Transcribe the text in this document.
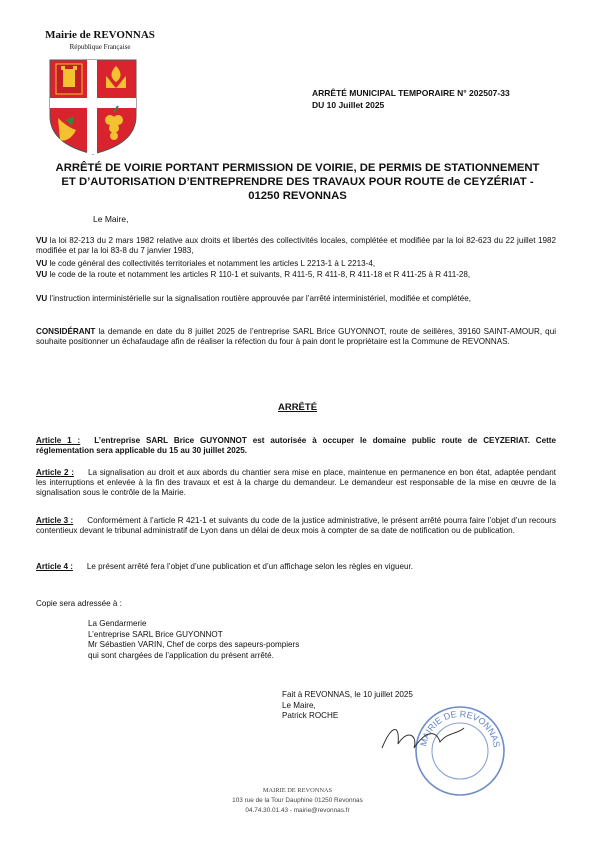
Mairie de REVONNAS
République Française
ARRÊTÉ MUNICIPAL TEMPORAIRE N° 202507-33
DU 10 Juillet 2025
ARRÊTÉ DE VOIRIE PORTANT PERMISSION DE VOIRIE, DE PERMIS DE STATIONNEMENT
ET D’AUTORISATION D’ENTREPRENDRE DES TRAVAUX POUR ROUTE de CEYZÉRIAT -
01250 REVONNAS
Le Maire,
VU la loi 82-213 du 2 mars 1982 relative aux droits et libertés des collectivités locales, complétée et modifiée par la loi 82-623 du 22 juillet 1982 modifiée et par la loi 83-8 du 7 janvier 1983,
VU le code général des collectivités territoriales et notamment les articles L 2213-1 à L 2213-4,
VU le code de la route et notamment les articles R 110-1 et suivants, R 411-5, R 411-8, R 411-18 et R 411-25 à R 411-28,
VU l’instruction interministérielle sur la signalisation routière approuvée par l’arrêté interministériel, modifiée et complétée,
CONSIDÉRANT la demande en date du 8 juillet 2025 de l’entreprise SARL Brice GUYONNOT, route de seillères, 39160 SAINT-AMOUR, qui souhaite positionner un échafaudage afin de réaliser la réfection du four à pain dont le propriétaire est la Commune de REVONNAS.
ARRÊTÉ
Article 1 : L’entreprise SARL Brice GUYONNOT est autorisée à occuper le domaine public route de CEYZERIAT. Cette réglementation sera applicable du 15 au 30 juillet 2025.
Article 2 : La signalisation au droit et aux abords du chantier sera mise en place, maintenue en permanence en bon état, adaptée pendant les interruptions et enlevée à la fin des travaux et est à la charge du demandeur. Le demandeur est responsable de la mise en œuvre de la signalisation sous le contrôle de la Mairie.
Article 3 : Conformément à l’article R 421-1 et suivants du code de la justice administrative, le présent arrêté pourra faire l’objet d’un recours contentieux devant le tribunal administratif de Lyon dans un délai de deux mois à compter de sa date de notification ou de publication.
Article 4 : Le présent arrêté fera l’objet d’une publication et d’un affichage selon les règles en vigueur.
Copie sera adressée à :
La Gendarmerie
L’entreprise SARL Brice GUYONNOT
Mr Sébastien VARIN, Chef de corps des sapeurs-pompiers
qui sont chargées de l’application du présent arrêté.
Fait à REVONNAS, le 10 juillet 2025
Le Maire,
Patrick ROCHE
MAIRIE DE REVONNAS
MAIRIE DE REVONNAS
103 rue de la Tour Dauphine 01250 Revonnas
04.74.30.01.43 - mairie@revonnas.fr
